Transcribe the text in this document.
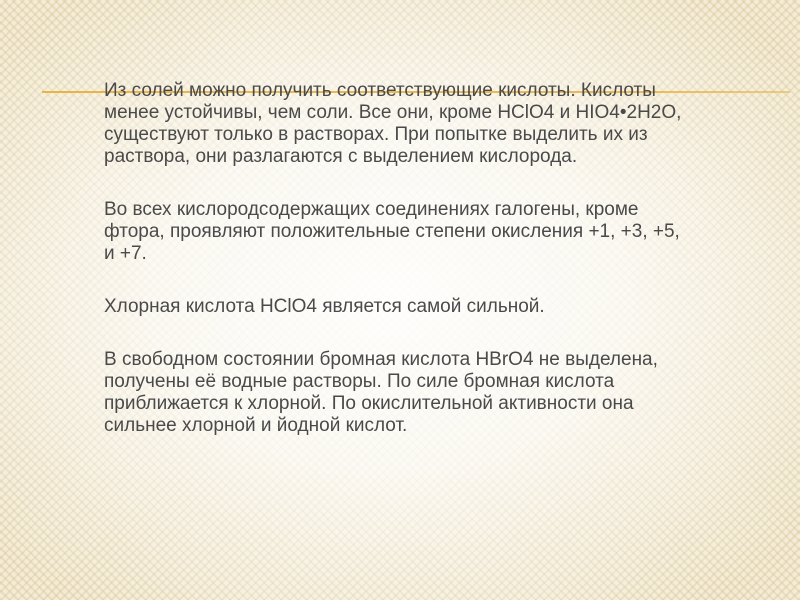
Из солей можно получить соответствующие кислоты. Кислоты менее устойчивы, чем соли. Все они, кроме HClO4 и HIO4•2H2O, существуют только в растворах. При попытке выделить их из раствора, они разлагаются с выделением кислорода.

Во всех кислородсодержащих соединениях галогены, кроме фтора, проявляют положительные степени окисления +1, +3, +5, и +7.

Хлорная кислота HClO4 является самой сильной.

В свободном состоянии бромная кислота HBrO4 не выделена, получены её водные растворы. По силе бромная кислота приближается к хлорной. По окислительной активности она сильнее хлорной и йодной кислот.
